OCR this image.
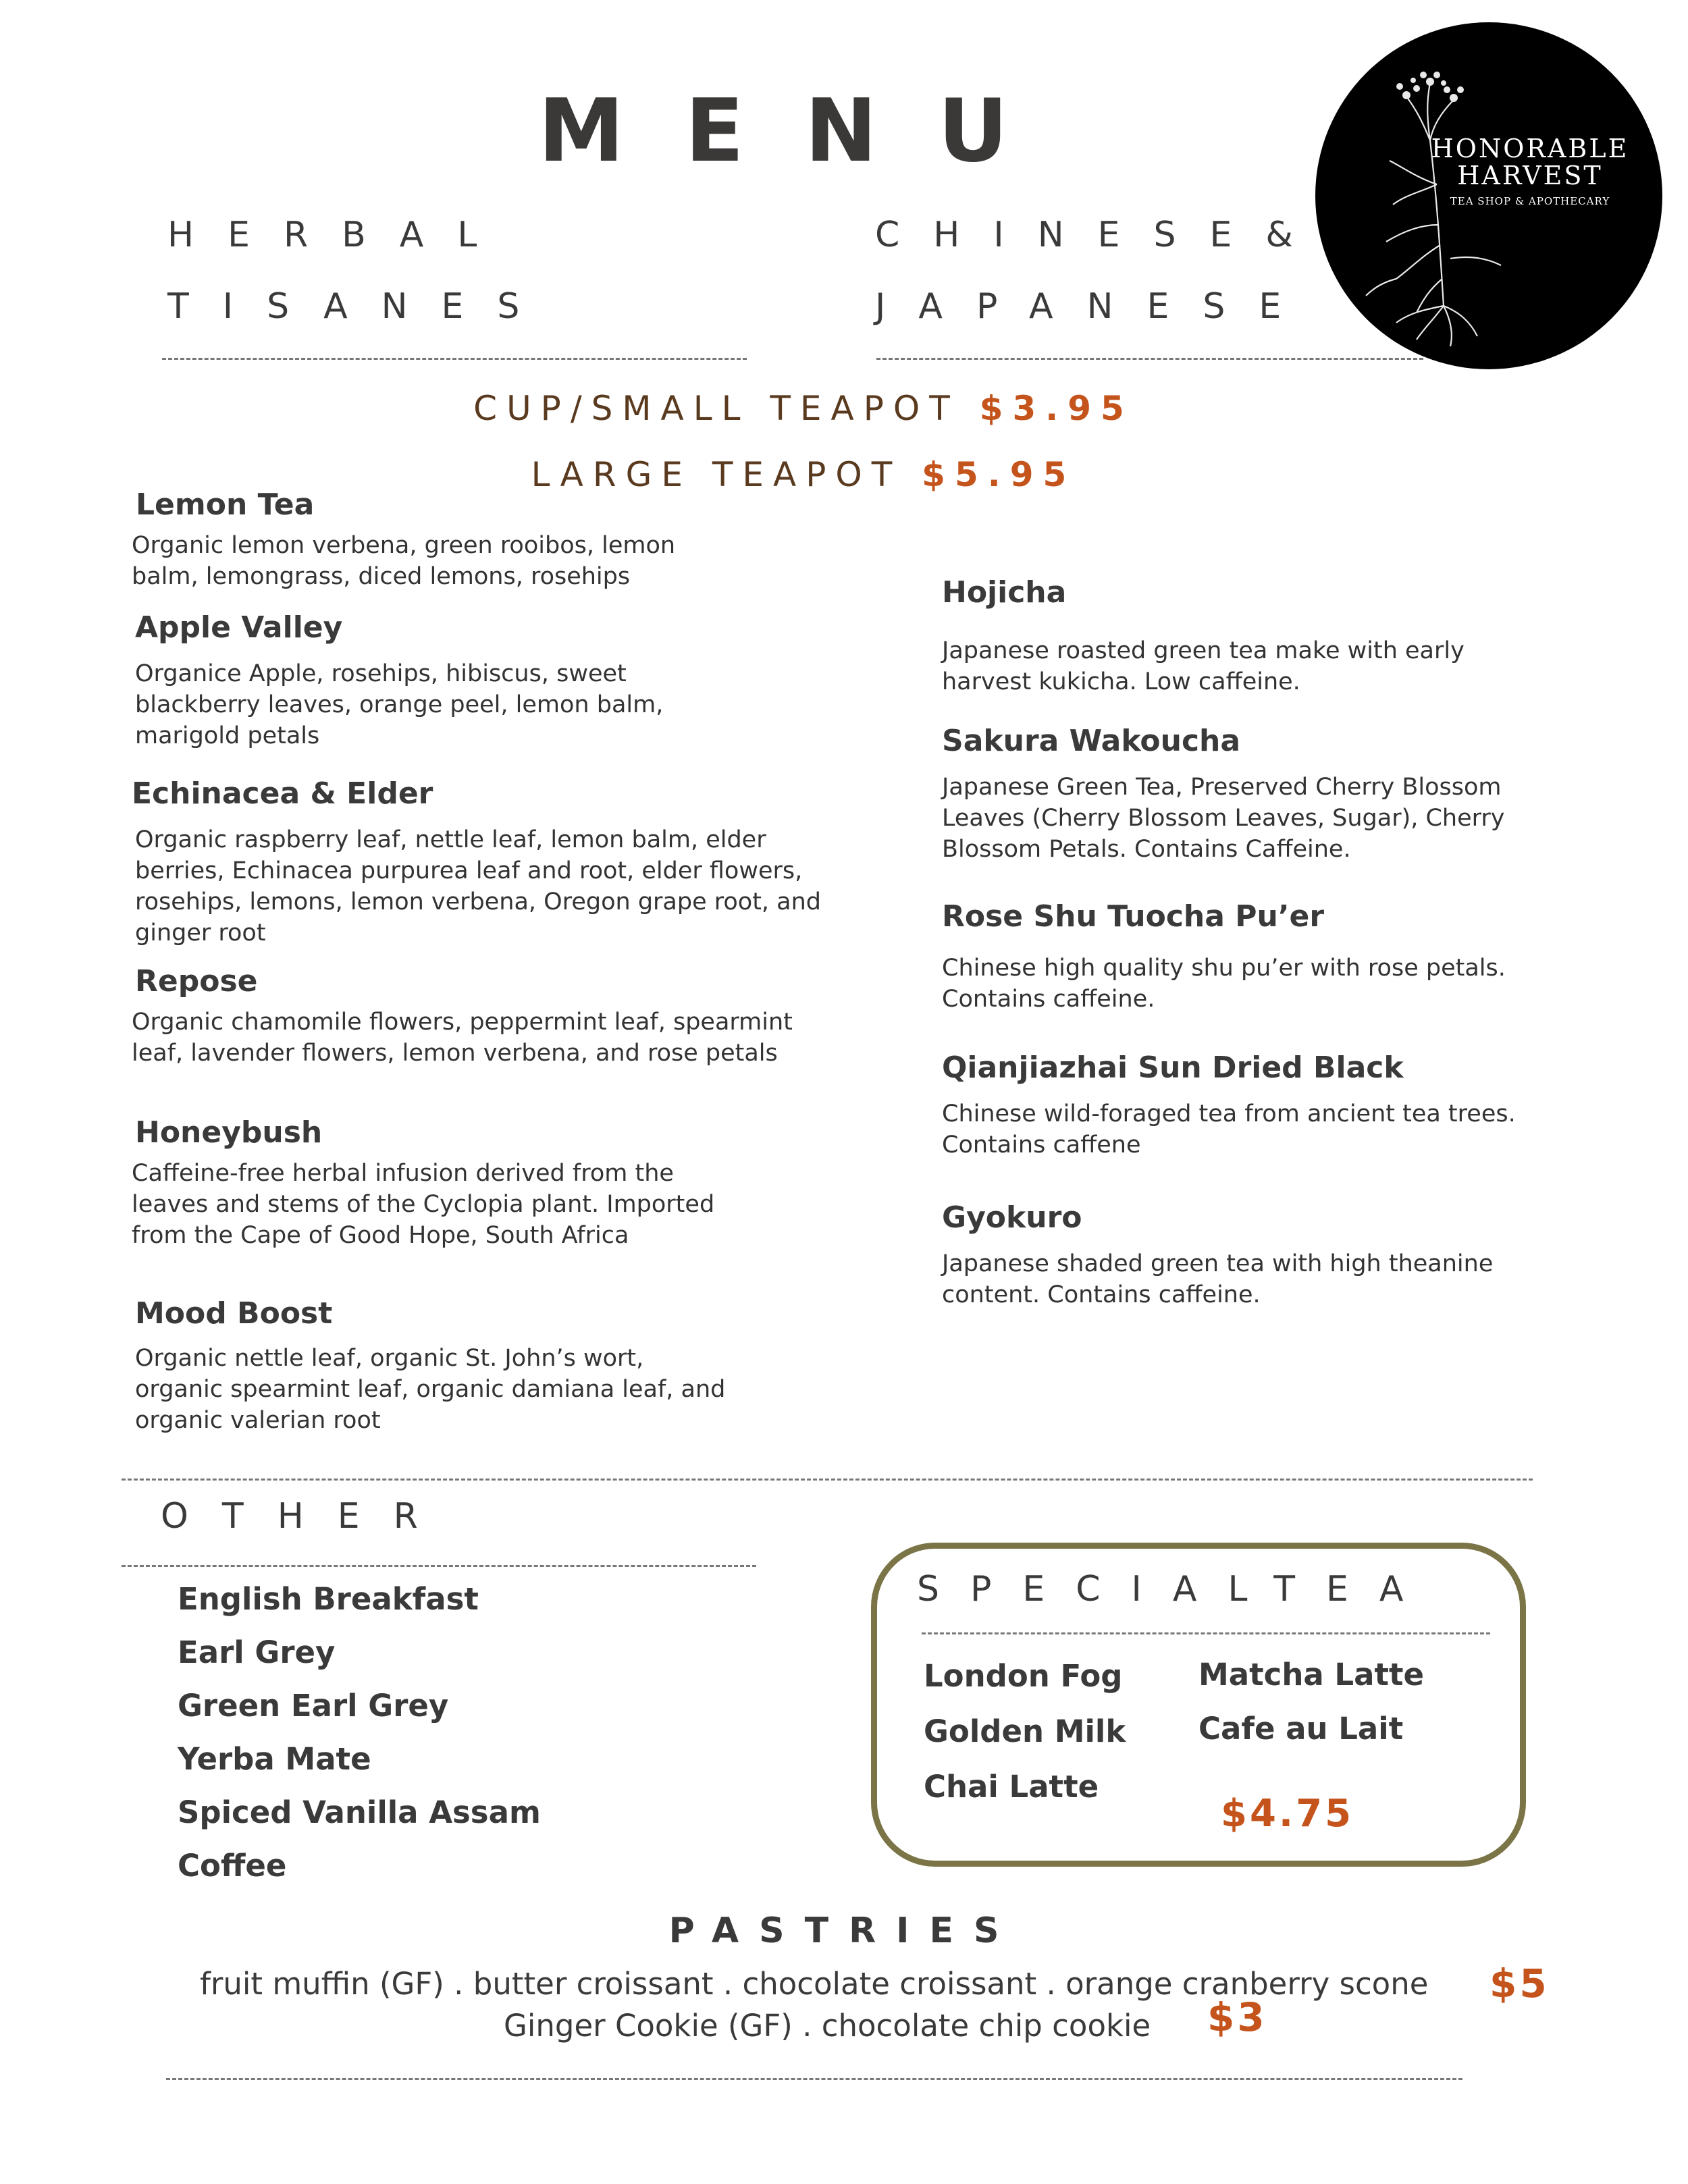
MENU	HONORABLE
HARVEST
TEA SHOP & APOTHECARY
HERBAL
TISANES
CHINESE&
JAPANESE
CUP/SMALL TEAPOT $3.95
LARGE TEAPOT $5.95

Lemon Tea

Organic lemon verbena, green rooibos, lemon balm, lemongrass, diced lemons, rosehips

Apple Valley

Organice Apple, rosehips, hibiscus, sweet blackberry leaves, orange peel, lemon balm, marigold petals

Echinacea & Elder

Organic raspberry leaf, nettle leaf, lemon balm, elder berries, Echinacea purpurea leaf and root, elder flowers, rosehips, lemons, lemon verbena, Oregon grape root, and ginger root

Repose

Organic chamomile flowers, peppermint leaf, spearmint leaf, lavender flowers, lemon verbena, and rose petals

Honeybush

Caffeine-free herbal infusion derived from the leaves and stems of the Cyclopia plant. Imported from the Cape of Good Hope, South Africa

Mood Boost

Organic nettle leaf, organic St. John’s wort, organic spearmint leaf, organic damiana leaf, and organic valerian root

Hojicha

Japanese roasted green tea make with early harvest kukicha. Low caffeine.

Sakura Wakoucha

Japanese Green Tea, Preserved Cherry Blossom Leaves (Cherry Blossom Leaves, Sugar), Cherry Blossom Petals. Contains Caffeine.

Rose Shu Tuocha Pu’er

Chinese high quality shu pu’er with rose petals. Contains caffeine.

Qianjiazhai Sun Dried Black

Chinese wild-foraged tea from ancient tea trees. Contains caffene

Gyokuro

Japanese shaded green tea with high theanine content. Contains caffeine.

OTHER
English Breakfast
Earl Grey
Green Earl Grey
Yerba Mate
Spiced Vanilla Assam
Coffee
SPECIALTEA
London Fog
Golden Milk
Chai Latte
Matcha Latte
Cafe au Lait
$4.75
PASTRIES
fruit muffin (GF) . butter croissant . chocolate croissant . orange cranberry scone $5
Ginger Cookie (GF) . chocolate chip cookie $3
